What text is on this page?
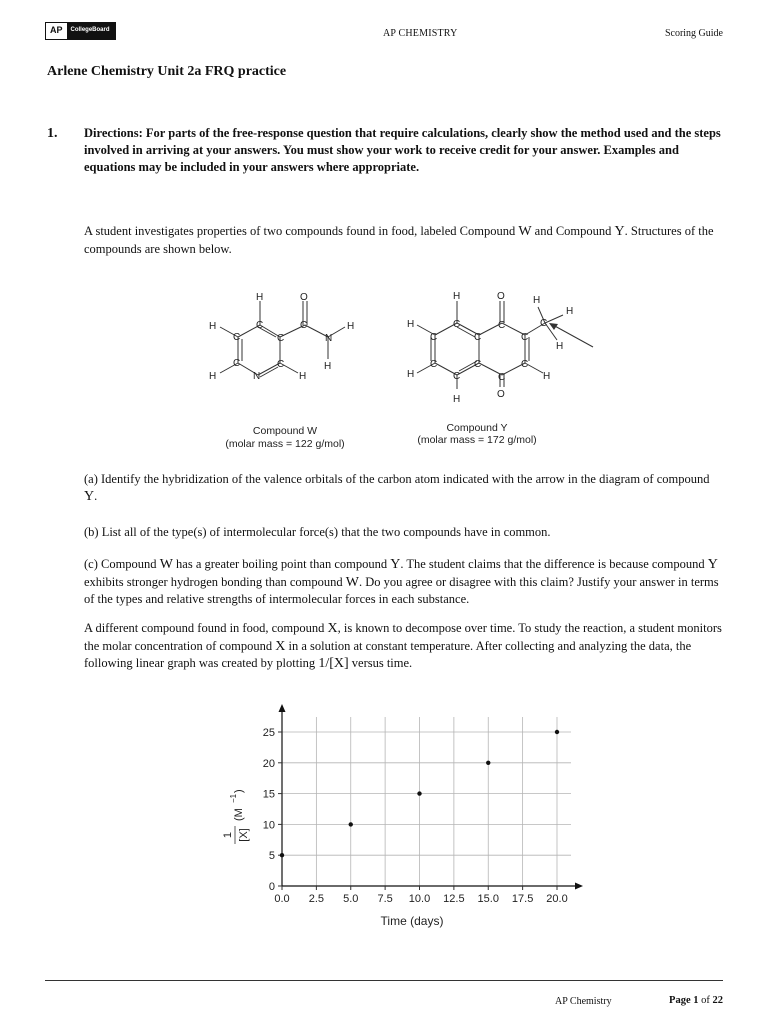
AP	CollegeBoard	AP CHEMISTRY	Scoring Guide
Arlene Chemistry Unit 2a FRQ practice
1. Directions: For parts of the free-response question that require calculations, clearly show the method used and the steps involved in arriving at your answers. You must show your work to receive credit for your answer. Examples and equations may be included in your answers where appropriate.
A student investigates properties of two compounds found in food, labeled Compound W and Compound Y. Structures of the compounds are shown below.
H	O
H	C	C
C	C	N
H
C	C	H
N
H	H
H	O	H
H
H	C	C	C
C	C	C
H
C	C	C
H	C	C	H
O
H
Compound W
(molar mass = 122 g/mol)
Compound Y
(molar mass = 172 g/mol)
(a) Identify the hybridization of the valence orbitals of the carbon atom indicated with the arrow in the diagram of compound Y.
(b) List all of the type(s) of intermolecular force(s) that the two compounds have in common.
(c) Compound W has a greater boiling point than compound Y. The student claims that the difference is because compound Y exhibits stronger hydrogen bonding than compound W. Do you agree or disagree with this claim? Justify your answer in terms of the types and relative strengths of intermolecular forces in each substance.
A different compound found in food, compound X, is known to decompose over time. To study the reaction, a student monitors the molar concentration of compound X in a solution at constant temperature. After collecting and analyzing the data, the following linear graph was created by plotting 1/[X] versus time.
0.0 2.5 5.0 7.5 10.0 12.5 15.0 17.5 20.0
0
5
10
15
20
25
Time (days)
1 [X]
(M
−1
)
AP Chemistry	Page 1 of 22
